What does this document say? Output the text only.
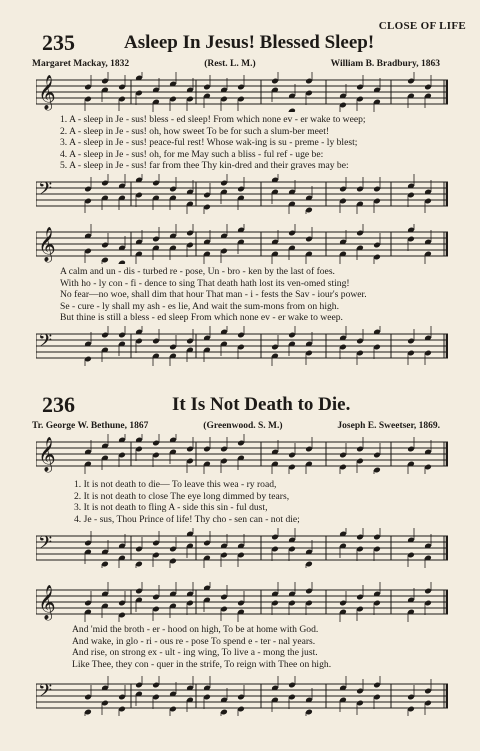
CLOSE OF LIFE
235	Asleep In Jesus! Blessed Sleep!
Margaret Mackay, 1832	(Rest. L. M.)	William B. Bradbury, 1863
𝄞
1. A - sleep in Je - sus! bless - ed sleep! From which none ev - er wake to weep;
2. A - sleep in Je - sus! oh, how sweet To be for such a slum-ber meet!
3. A - sleep in Je - sus! peace-ful rest! Whose wak-ing is su - preme - ly blest;
4. A - sleep in Je - sus! oh, for me May such a bliss - ful ref - uge be:
5. A - sleep in Je - sus! far from thee Thy kin-dred and their graves may be:
𝄢
𝄞
A calm and un - dis - turbed re - pose, Un - bro - ken by the last of foes.
With ho - ly con - fi - dence to sing That death hath lost its ven-omed sting!
No fear—no woe, shall dim that hour That man - i - fests the Sav - iour's power.
Se - cure - ly shall my ash - es lie, And wait the sum-mons from on high.
But thine is still a bless - ed sleep From which none ev - er wake to weep.
𝄢
236	It Is Not Death to Die.
Tr. George W. Bethune, 1867	(Greenwood. S. M.)	Joseph E. Sweetser, 1869.
𝄞
1. It is not death to die— To leave this wea - ry road,
2. It is not death to close The eye long dimmed by tears,
3. It is not death to fling A - side this sin - ful dust,
4. Je - sus, Thou Prince of life! Thy cho - sen can - not die;
𝄢
𝄞
And 'mid the broth - er - hood on high, To be at home with God.
And wake, in glo - ri - ous re - pose To spend e - ter - nal years.
And rise, on strong ex - ult - ing wing, To live a - mong the just.
Like Thee, they con - quer in the strife, To reign with Thee on high.
𝄢
